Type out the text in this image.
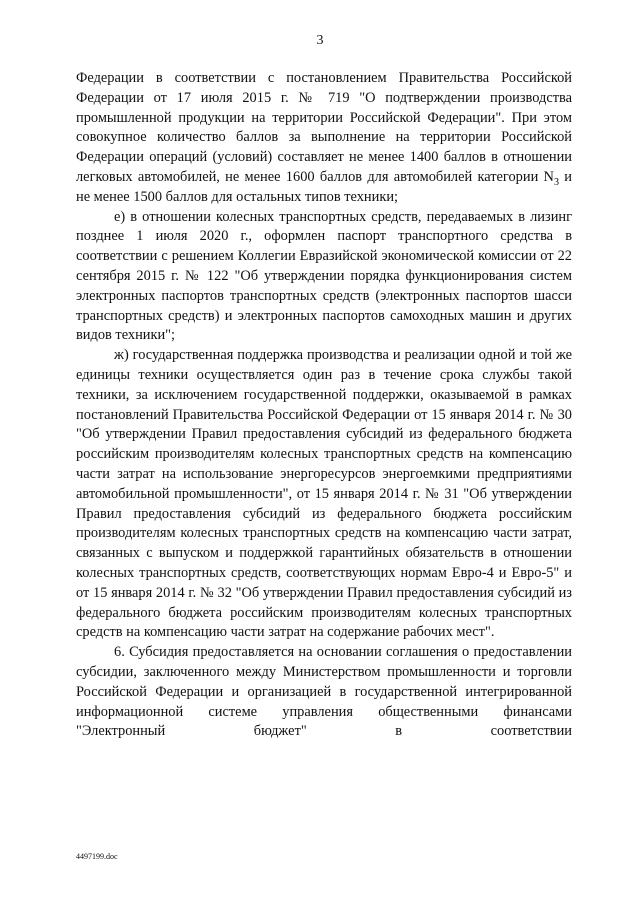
3

Федерации в соответствии с постановлением Правительства Российской Федерации от 17 июля 2015 г. № 719 "О подтверждении производства промышленной продукции на территории Российской Федерации". При этом совокупное количество баллов за выполнение на территории Российской Федерации операций (условий) составляет не менее 1400 баллов в отношении легковых автомобилей, не менее 1600 баллов для автомобилей категории $N_3$ и не менее 1500 баллов для остальных типов техники;

е) в отношении колесных транспортных средств, передаваемых в лизинг позднее 1 июля 2020 г., оформлен паспорт транспортного средства в соответствии с решением Коллегии Евразийской экономической комиссии от 22 сентября 2015 г. № 122 "Об утверждении порядка функционирования систем электронных паспортов транспортных средств (электронных паспортов шасси транспортных средств) и электронных паспортов самоходных машин и других видов техники";

ж) государственная поддержка производства и реализации одной и той же единицы техники осуществляется один раз в течение срока службы такой техники, за исключением государственной поддержки, оказываемой в рамках постановлений Правительства Российской Федерации от 15 января 2014 г. № 30 "Об утверждении Правил предоставления субсидий из федерального бюджета российским производителям колесных транспортных средств на компенсацию части затрат на использование энергоресурсов энергоемкими предприятиями автомобильной промышленности", от 15 января 2014 г. № 31 "Об утверждении Правил предоставления субсидий из федерального бюджета российским производителям колесных транспортных средств на компенсацию части затрат, связанных с выпуском и поддержкой гарантийных обязательств в отношении колесных транспортных средств, соответствующих нормам Евро-4 и Евро-5" и от 15 января 2014 г. № 32 "Об утверждении Правил предоставления субсидий из федерального бюджета российским производителям колесных транспортных средств на компенсацию части затрат на содержание рабочих мест".

6. Субсидия предоставляется на основании соглашения о предоставлении субсидии, заключенного между Министерством промышленности и торговли Российской Федерации и организацией в государственной интегрированной информационной системе управления общественными финансами "Электронный бюджет" в соответствии

4497199.doc
